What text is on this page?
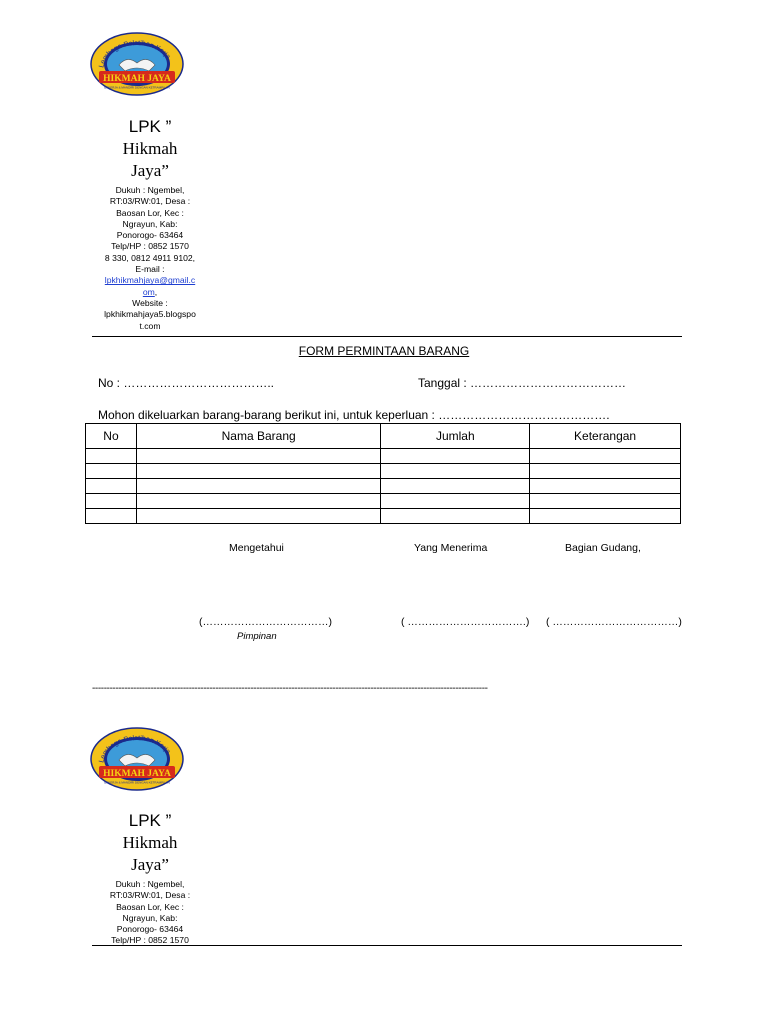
Lembaga Pelatihan Kerja
HIKMAH JAYA
BEKERJA & MANDIRI DENGAN KETRAMPILAN

LPK ”
Hikmah
Jaya”

Dukuh : Ngembel,
RT:03/RW:01, Desa :
Baosan Lor, Kec :
Ngrayun, Kab:
Ponorogo- 63464
Telp/HP : 0852 1570
8 330, 0812 4911 9102,
E-mail :
lpkhikmahjaya@gmail.c
om,
Website :
lpkhikmahjaya5.blogspo
t.com
FORM PERMINTAAN BARANG
No : ………………………………..	Tanggal : …………………………………
Mohon dikeluarkan barang-barang berikut ini, untuk keperluan : …………………………………….
No	Nama Barang	Jumlah	Keterangan

Mengetahui	Yang Menerima	Bagian Gudang,
(………………………………)	( …………………………….) ( ………………………………)
Pimpinan
---------------------------------------------------------------------------------------------------------------------------------------
Lembaga Pelatihan Kerja
HIKMAH JAYA
BEKERJA & MANDIRI DENGAN KETRAMPILAN

LPK ”
Hikmah
Jaya”

Dukuh : Ngembel,
RT:03/RW:01, Desa :
Baosan Lor, Kec :
Ngrayun, Kab:
Ponorogo- 63464
Telp/HP : 0852 1570
